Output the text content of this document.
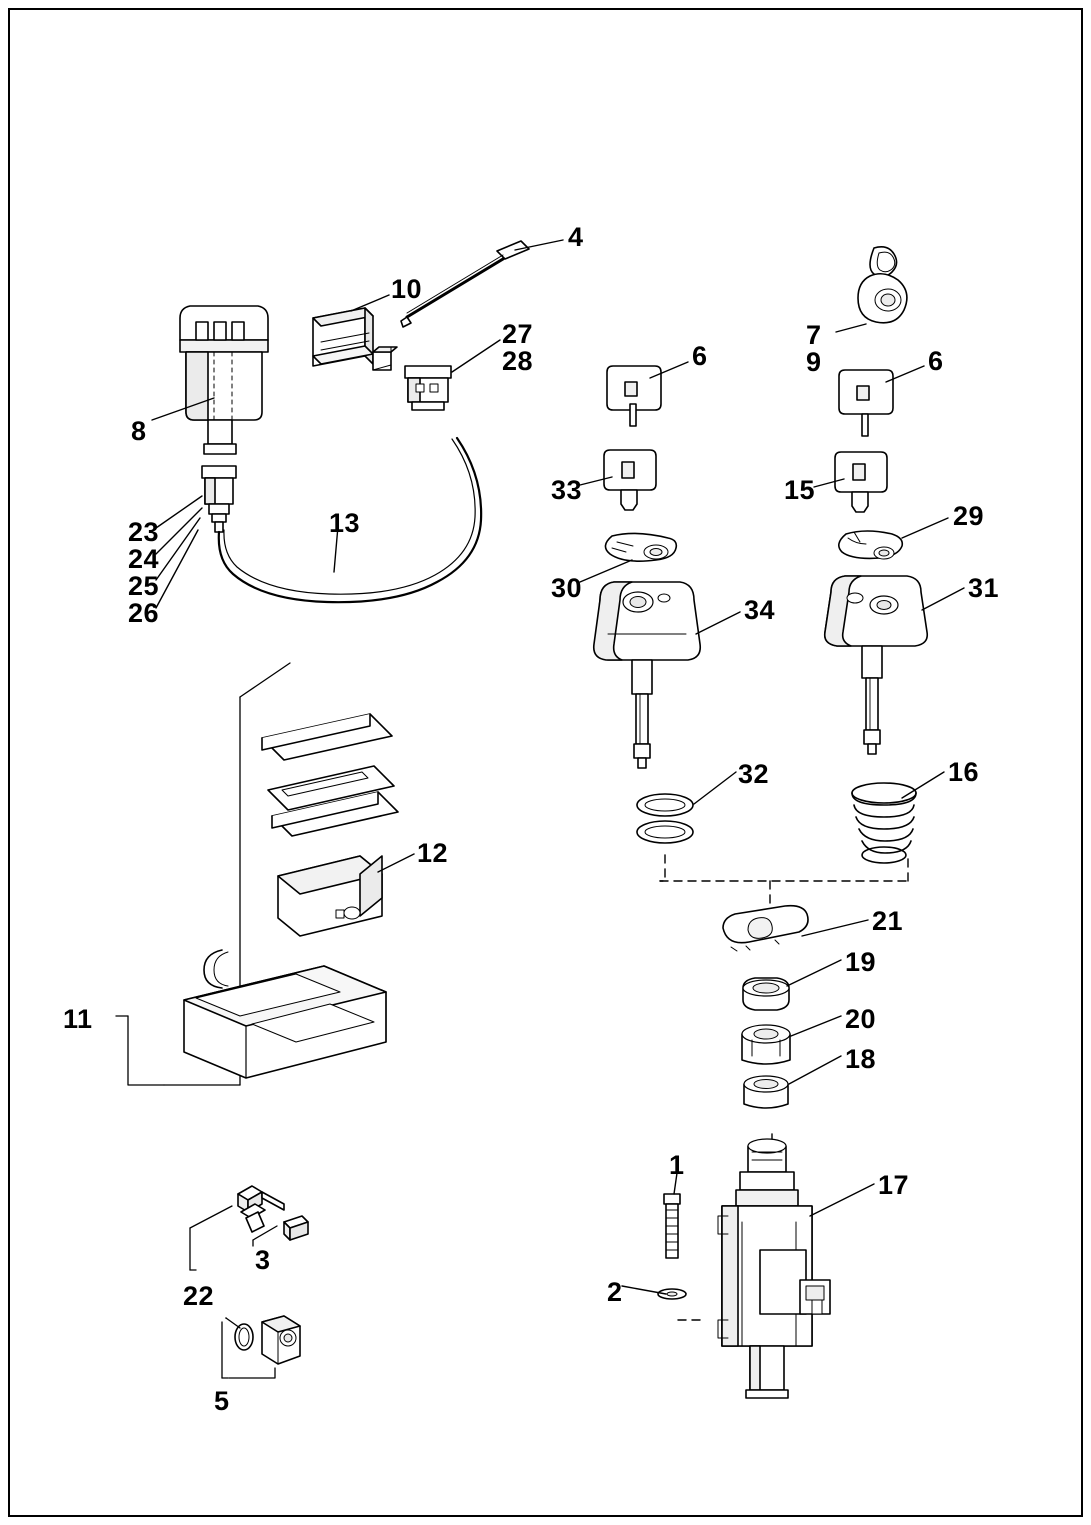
4
10
27
28
7
9
6	6
8
33	15
23
24
25
26
13	29
30
34
31
32	16
12
21
19
11	20
18
1
17
3
22	2
5
